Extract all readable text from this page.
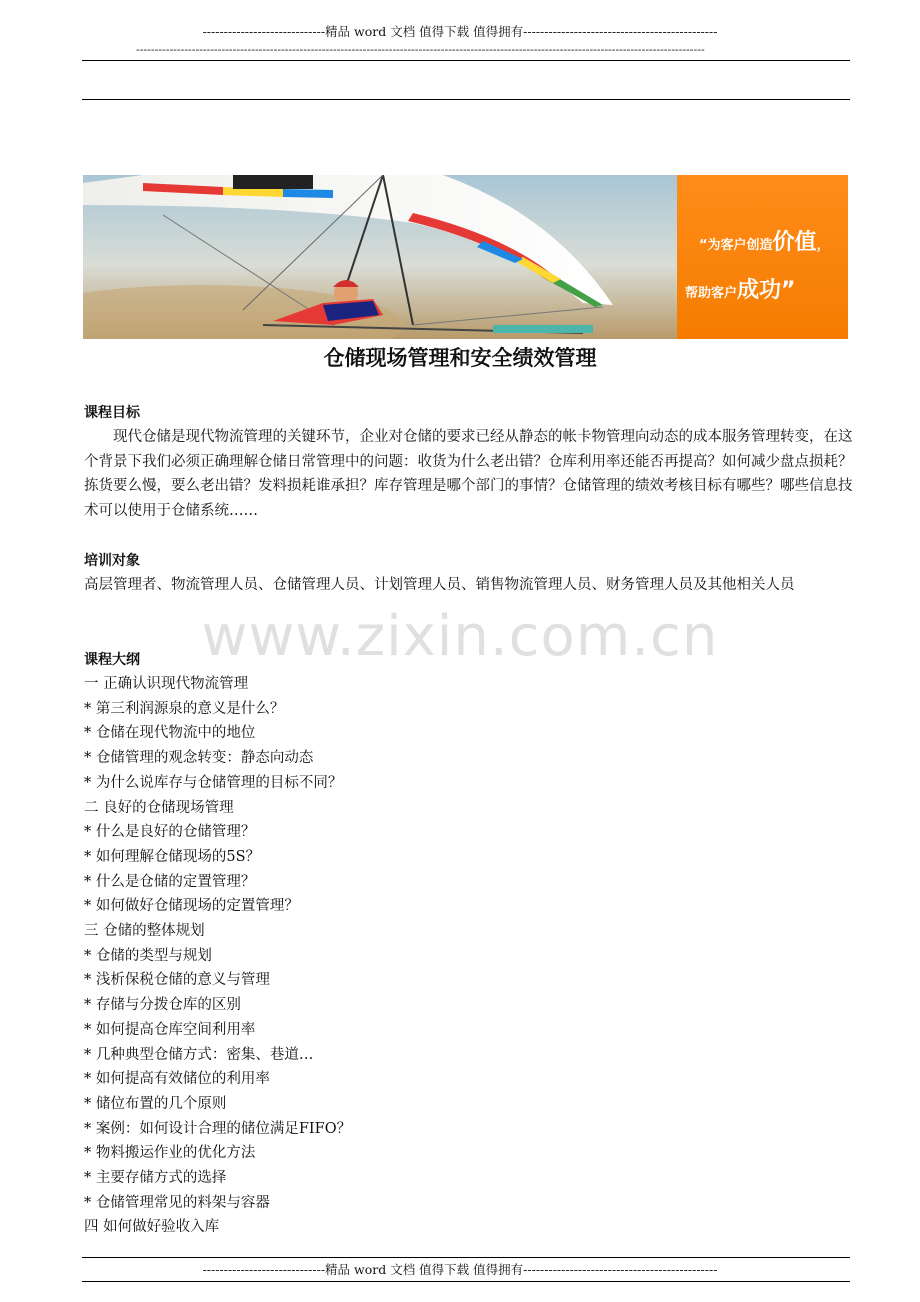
-----------------------------精品 word 文档 值得下载 值得拥有----------------------------------------------
---------------------------------------------------------------------------------------------------------------------------------------------------------
“为客户创造价值，
帮助客户成功”
仓储现场管理和安全绩效管理
课程目标

现代仓储是现代物流管理的关键环节，企业对仓储的要求已经从静态的帐卡物管理向动态的成本服务管理转变，在这个背景下我们必须正确理解仓储日常管理中的问题：收货为什么老出错？仓库利用率还能否再提高？如何减少盘点损耗？拣货要么慢，要么老出错？发料损耗谁承担？库存管理是哪个部门的事情？仓储管理的绩效考核目标有哪些？哪些信息技术可以使用于仓储系统……

培训对象

高层管理者、物流管理人员、仓储管理人员、计划管理人员、销售物流管理人员、财务管理人员及其他相关人员

www.zixin.com.cn
课程大纲
一 正确认识现代物流管理
* 第三利润源泉的意义是什么？
* 仓储在现代物流中的地位
* 仓储管理的观念转变：静态向动态
* 为什么说库存与仓储管理的目标不同？
二 良好的仓储现场管理
* 什么是良好的仓储管理？
* 如何理解仓储现场的5S？
* 什么是仓储的定置管理？
* 如何做好仓储现场的定置管理？
三 仓储的整体规划
* 仓储的类型与规划
* 浅析保税仓储的意义与管理
* 存储与分拨仓库的区别
* 如何提高仓库空间利用率
* 几种典型仓储方式：密集、巷道…
* 如何提高有效储位的利用率
* 储位布置的几个原则
* 案例：如何设计合理的储位满足FIFO？
* 物料搬运作业的优化方法
* 主要存储方式的选择
* 仓储管理常见的料架与容器
四 如何做好验收入库
-----------------------------精品 word 文档 值得下载 值得拥有----------------------------------------------
